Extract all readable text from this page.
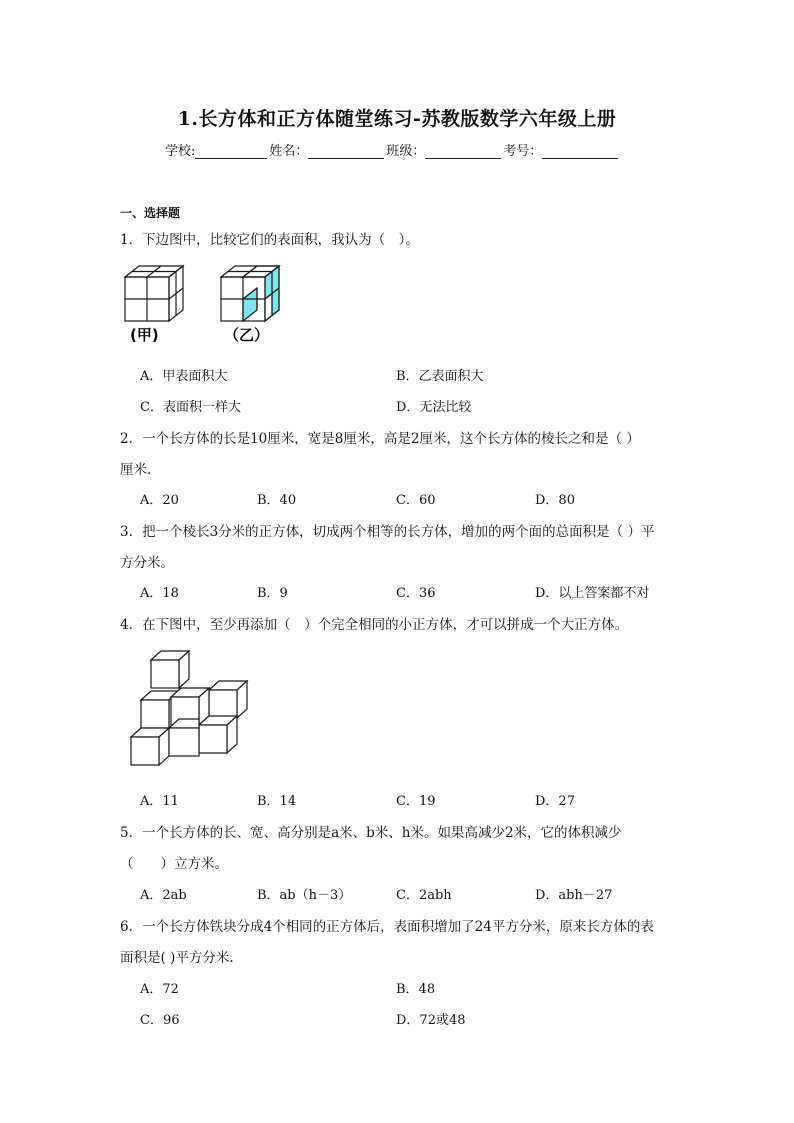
1.长方体和正方体随堂练习-苏教版数学六年级上册
学校:	姓名：	班级：	考号：
一、选择题
1．下边图中，比较它们的表面积，我认为（　）。
(甲)	（乙）
A．甲表面积大	B．乙表面积大
C．表面积一样大	D．无法比较
2．一个长方体的长是10厘米，宽是8厘米，高是2厘米，这个长方体的棱长之和是（ ）
厘米.
A．20	B．40	C．60	D．80
3．把一个棱长3分米的正方体，切成两个相等的长方体，增加的两个面的总面积是（ ）平
方分米。
A．18	B．9	C．36	D．以上答案都不对
4．在下图中，至少再添加（　）个完全相同的小正方体，才可以拼成一个大正方体。
A．11	B．14	C．19	D．27
5．一个长方体的长、宽、高分别是a米、b米、h米。如果高减少2米，它的体积减少
（　　）立方米。
A．2ab	B．ab（h－3）	C．2abh	D．abh－27
6．一个长方体铁块分成4个相同的正方体后，表面积增加了24平方分米，原来长方体的表
面积是( )平方分米.
A．72	B．48
C．96	D．72或48
